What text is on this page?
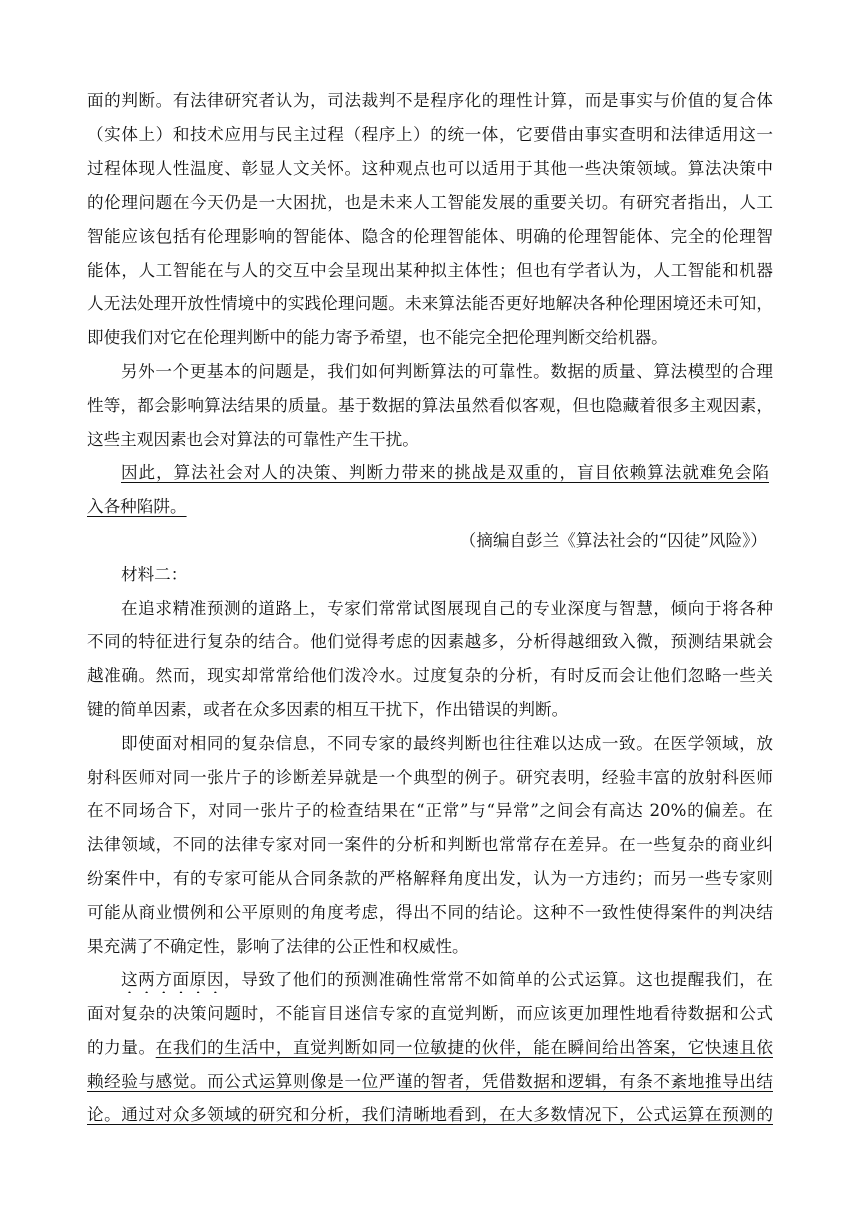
面的判断。有法律研究者认为，司法裁判不是程序化的理性计算，而是事实与价值的复合体
（实体上）和技术应用与民主过程（程序上）的统一体，它要借由事实查明和法律适用这一
过程体现人性温度、彰显人文关怀。这种观点也可以适用于其他一些决策领域。算法决策中
的伦理问题在今天仍是一大困扰，也是未来人工智能发展的重要关切。有研究者指出，人工
智能应该包括有伦理影响的智能体、隐含的伦理智能体、明确的伦理智能体、完全的伦理智
能体，人工智能在与人的交互中会呈现出某种拟主体性；但也有学者认为，人工智能和机器
人无法处理开放性情境中的实践伦理问题。未来算法能否更好地解决各种伦理困境还未可知，
即使我们对它在伦理判断中的能力寄予希望，也不能完全把伦理判断交给机器。
另外一个更基本的问题是，我们如何判断算法的可靠性。数据的质量、算法模型的合理
性等，都会影响算法结果的质量。基于数据的算法虽然看似客观，但也隐藏着很多主观因素，
这些主观因素也会对算法的可靠性产生干扰。
因此，算法社会对人的决策、判断力带来的挑战是双重的，盲目依赖算法就难免会陷
入各种陷阱。
（摘编自彭兰《算法社会的“囚徒”风险》）
材料二：
在追求精准预测的道路上，专家们常常试图展现自己的专业深度与智慧，倾向于将各种
不同的特征进行复杂的结合。他们觉得考虑的因素越多，分析得越细致入微，预测结果就会
越准确。然而，现实却常常给他们泼冷水。过度复杂的分析，有时反而会让他们忽略一些关
键的简单因素，或者在众多因素的相互干扰下，作出错误的判断。
即使面对相同的复杂信息，不同专家的最终判断也往往难以达成一致。在医学领域，放
射科医师对同一张片子的诊断差异就是一个典型的例子。研究表明，经验丰富的放射科医师
在不同场合下，对同一张片子的检查结果在“正常”与“异常”之间会有高达 20%的偏差。在
法律领域，不同的法律专家对同一案件的分析和判断也常常存在差异。在一些复杂的商业纠
纷案件中，有的专家可能从合同条款的严格解释角度出发，认为一方违约；而另一些专家则
可能从商业惯例和公平原则的角度考虑，得出不同的结论。这种不一致性使得案件的判决结
果充满了不确定性，影响了法律的公正性和权威性。
这两方面原因，导致了他们的预测准确性常常不如简单的公式运算。这也提醒我们，在
面对复杂的决策问题时，不能盲目迷信专家的直觉判断，而应该更加理性地看待数据和公式
的力量。在我们的生活中，直觉判断如同一位敏捷的伙伴，能在瞬间给出答案，它快速且依
赖经验与感觉。而公式运算则像是一位严谨的智者，凭借数据和逻辑，有条不紊地推导出结
论。通过对众多领域的研究和分析，我们清晰地看到，在大多数情况下，公式运算在预测的
